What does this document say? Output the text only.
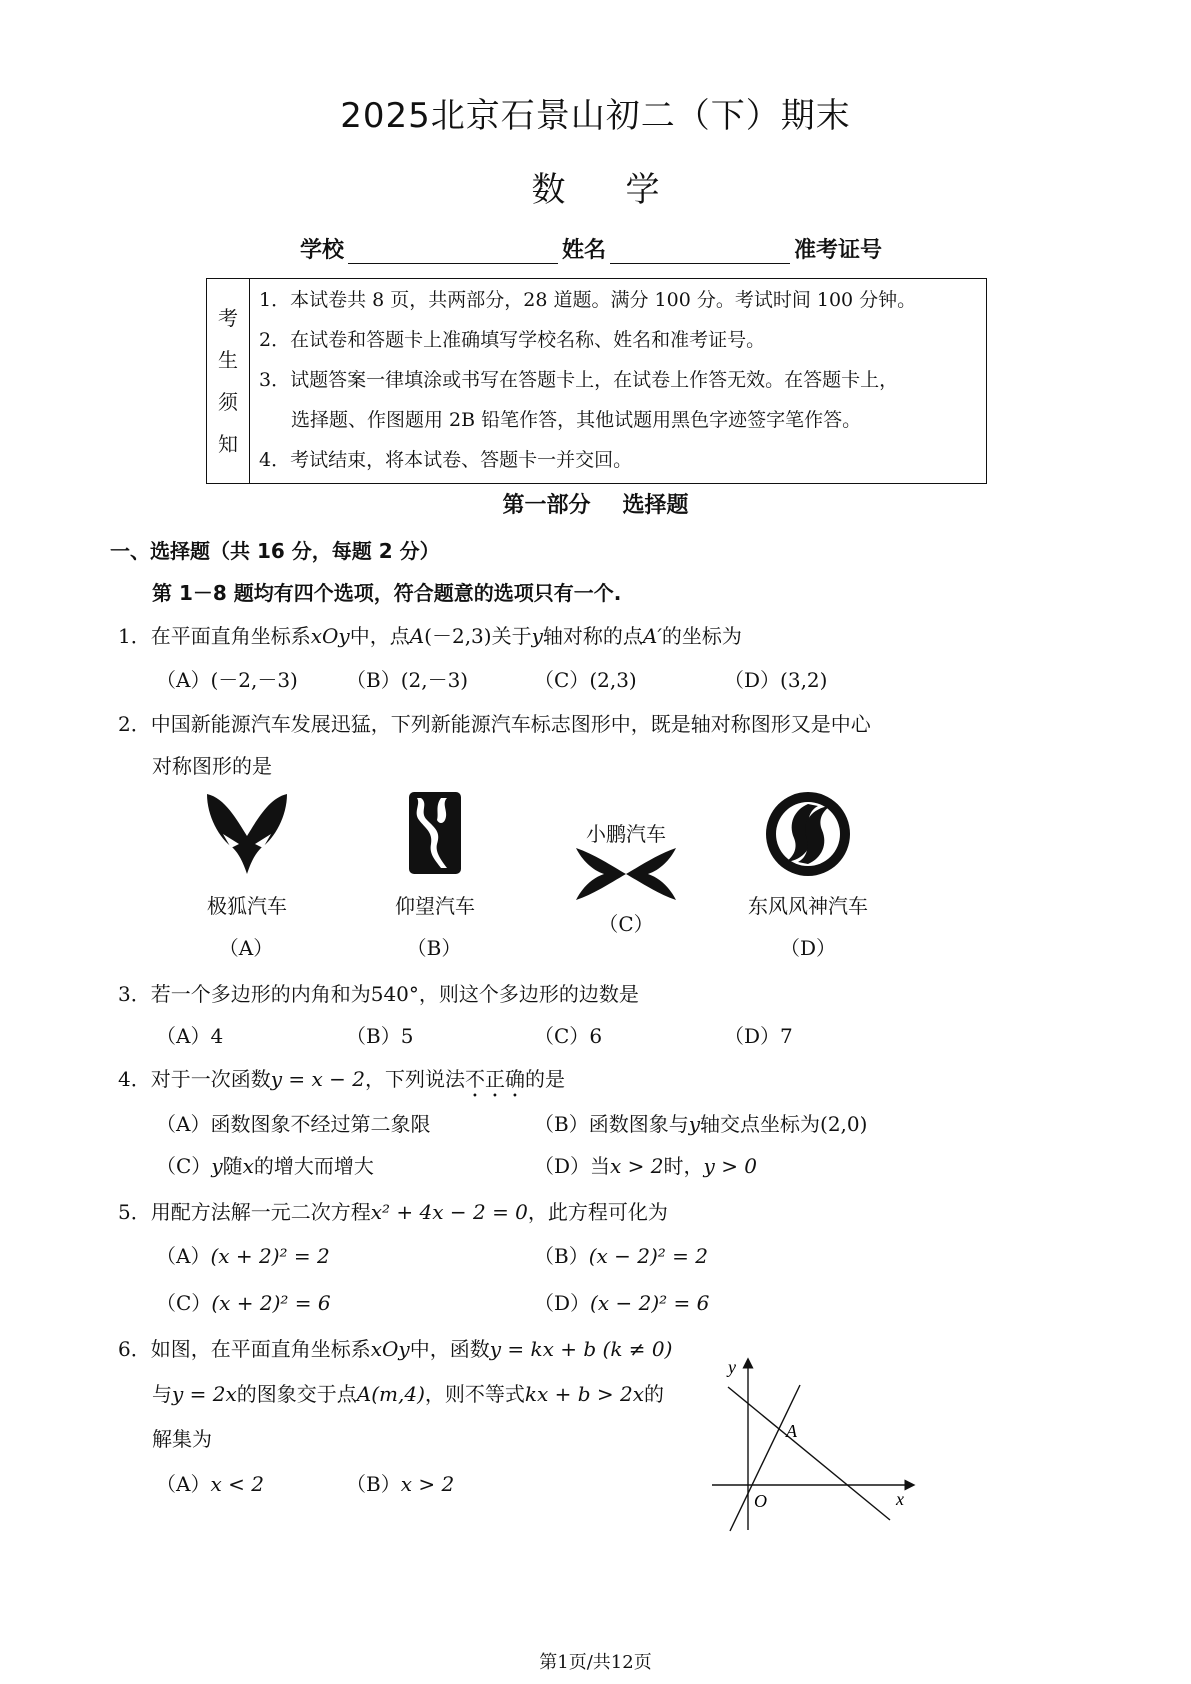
2025北京石景山初二（下）期末
数学
学校	姓名	准考证号
考
生
须
知
1．本试卷共 8 页，共两部分，28 道题。满分 100 分。考试时间 100 分钟。
2．在试卷和答题卡上准确填写学校名称、姓名和准考证号。
3．试题答案一律填涂或书写在答题卡上，在试卷上作答无效。在答题卡上，
选择题、作图题用 2B 铅笔作答，其他试题用黑色字迹签字笔作答。
4．考试结束，将本试卷、答题卡一并交回。
第一部分 选择题
一、选择题（共 16 分，每题 2 分）
第 1－8 题均有四个选项，符合题意的选项只有一个.
1．在平面直角坐标系xOy中，点A(－2,3)关于y轴对称的点A′的坐标为
（A）(－2,－3) （B）(2,－3)	（C）(2,3)	（D）(3,2)
2．中国新能源汽车发展迅猛，下列新能源汽车标志图形中，既是轴对称图形又是中心
对称图形的是
极狐汽车	仰望汽车
小鹏汽车
东风风神汽车
（A）	（B）
（C）
（D）
3．若一个多边形的内角和为540°，则这个多边形的边数是
（A）4	（B）5	（C）6	（D）7
4．对于一次函数y = x − 2，下列说法不正确的是
（A）函数图象不经过第二象限	（B）函数图象与y轴交点坐标为(2,0)
（C）y随x的增大而增大	（D）当x > 2时，y > 0
5．用配方法解一元二次方程x² + 4x − 2 = 0，此方程可化为
（A）(x + 2)² = 2	（B）(x − 2)² = 2
（C）(x + 2)² = 6	（D）(x − 2)² = 6
6．如图，在平面直角坐标系xOy中，函数y = kx + b (k ≠ 0)
与y = 2x的图象交于点A(m,4)，则不等式kx + b > 2x的
解集为
（A）x < 2	（B）x > 2
y
x
O
A
第1页/共12页
